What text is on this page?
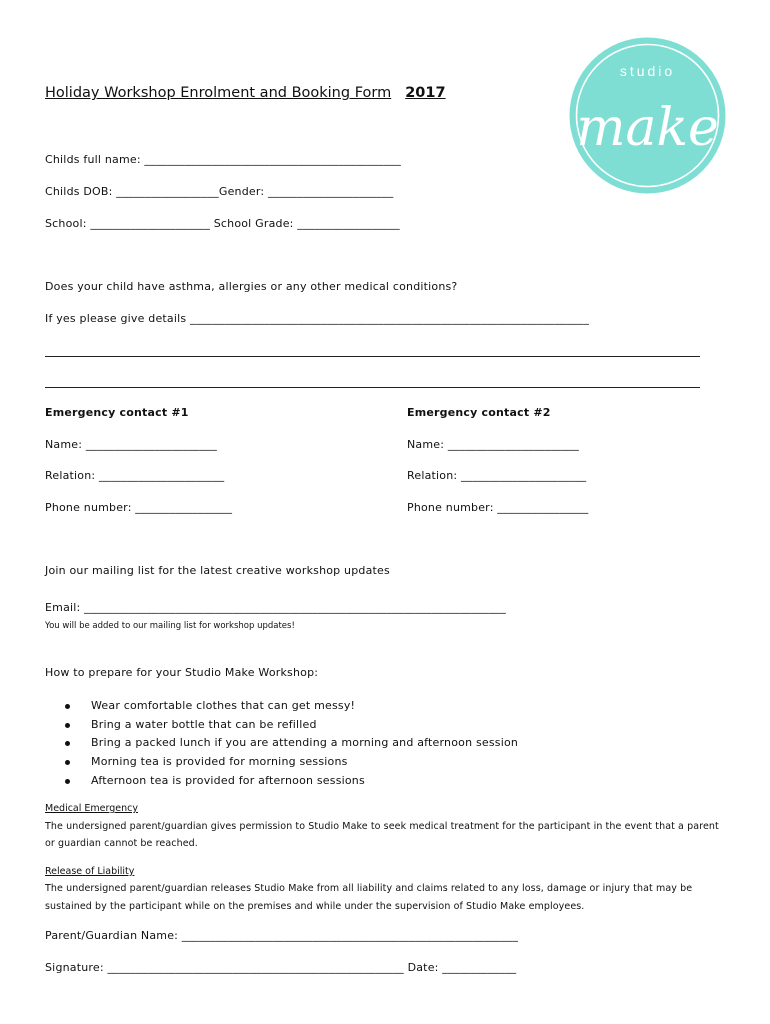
studio
make
Holiday Workshop Enrolment and Booking Form 2017
Childs full name: _____________________________________________
Childs DOB: __________________Gender: ______________________
School: _____________________ School Grade: __________________
Does your child have asthma, allergies or any other medical conditions?
If yes please give details ______________________________________________________________________
Emergency contact #1	Emergency contact #2
Name: _______________________	Name: _______________________
Relation: ______________________	Relation: ______________________
Phone number: _________________	Phone number: ________________
Join our mailing list for the latest creative workshop updates
Email: __________________________________________________________________________
You will be added to our mailing list for workshop updates!
How to prepare for your Studio Make Workshop:
Wear comfortable clothes that can get messy!
Bring a water bottle that can be refilled
Bring a packed lunch if you are attending a morning and afternoon session
Morning tea is provided for morning sessions
Afternoon tea is provided for afternoon sessions
Medical Emergency
The undersigned parent/guardian gives permission to Studio Make to seek medical treatment for the participant in the event that a parent or guardian cannot be reached.
Release of Liability
The undersigned parent/guardian releases Studio Make from all liability and claims related to any loss, damage or injury that may be sustained by the participant while on the premises and while under the supervision of Studio Make employees.
Parent/Guardian Name: ___________________________________________________________
Signature: ____________________________________________________ Date: _____________
